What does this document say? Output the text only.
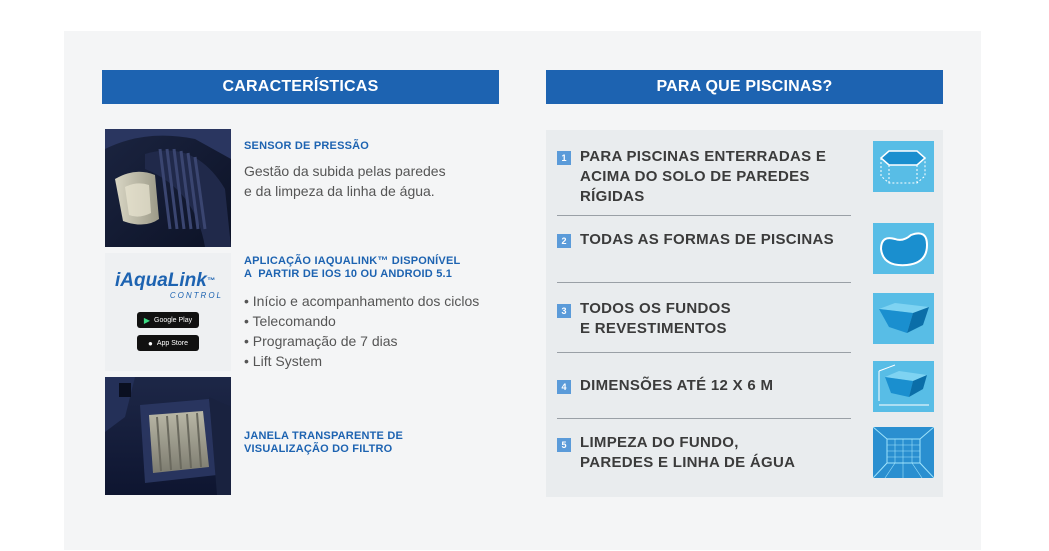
CARACTERÍSTICAS	PARA QUE PISCINAS?
SENSOR DE PRESSÃO
Gestão da subida pelas paredes
e da limpeza da linha de água.
iAquaLink™
CONTROL
▶ Google Play
● App Store
APLICAÇÃO IAQUALINK™ DISPONÍVEL
A  PARTIR DE IOS 10 OU ANDROID 5.1
• Início e acompanhamento dos ciclos
• Telecomando
• Programação de 7 dias
• Lift System
JANELA TRANSPARENTE DE
VISUALIZAÇÃO DO FILTRO
1 PARA PISCINAS ENTERRADAS E
ACIMA DO SOLO DE PAREDES
RÍGIDAS
2 TODAS AS FORMAS DE PISCINAS
3 TODOS OS FUNDOS
E REVESTIMENTOS
4 DIMENSÕES ATÉ 12 X 6 M
5 LIMPEZA DO FUNDO,
PAREDES E LINHA DE ÁGUA
